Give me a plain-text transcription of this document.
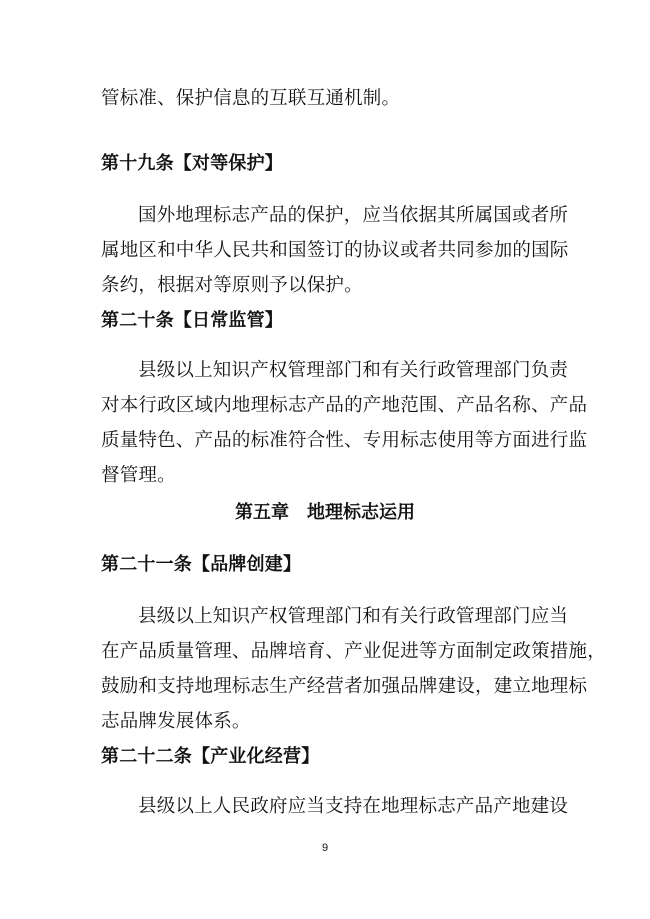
管标准、保护信息的互联互通机制。
第十九条【对等保护】
国外地理标志产品的保护，应当依据其所属国或者所
属地区和中华人民共和国签订的协议或者共同参加的国际
条约，根据对等原则予以保护。
第二十条【日常监管】
县级以上知识产权管理部门和有关行政管理部门负责
对本行政区域内地理标志产品的产地范围、产品名称、产品
质量特色、产品的标准符合性、专用标志使用等方面进行监
督管理。
第五章　地理标志运用
第二十一条【品牌创建】
县级以上知识产权管理部门和有关行政管理部门应当
在产品质量管理、品牌培育、产业促进等方面制定政策措施，
鼓励和支持地理标志生产经营者加强品牌建设，建立地理标
志品牌发展体系。
第二十二条【产业化经营】
县级以上人民政府应当支持在地理标志产品产地建设
9
